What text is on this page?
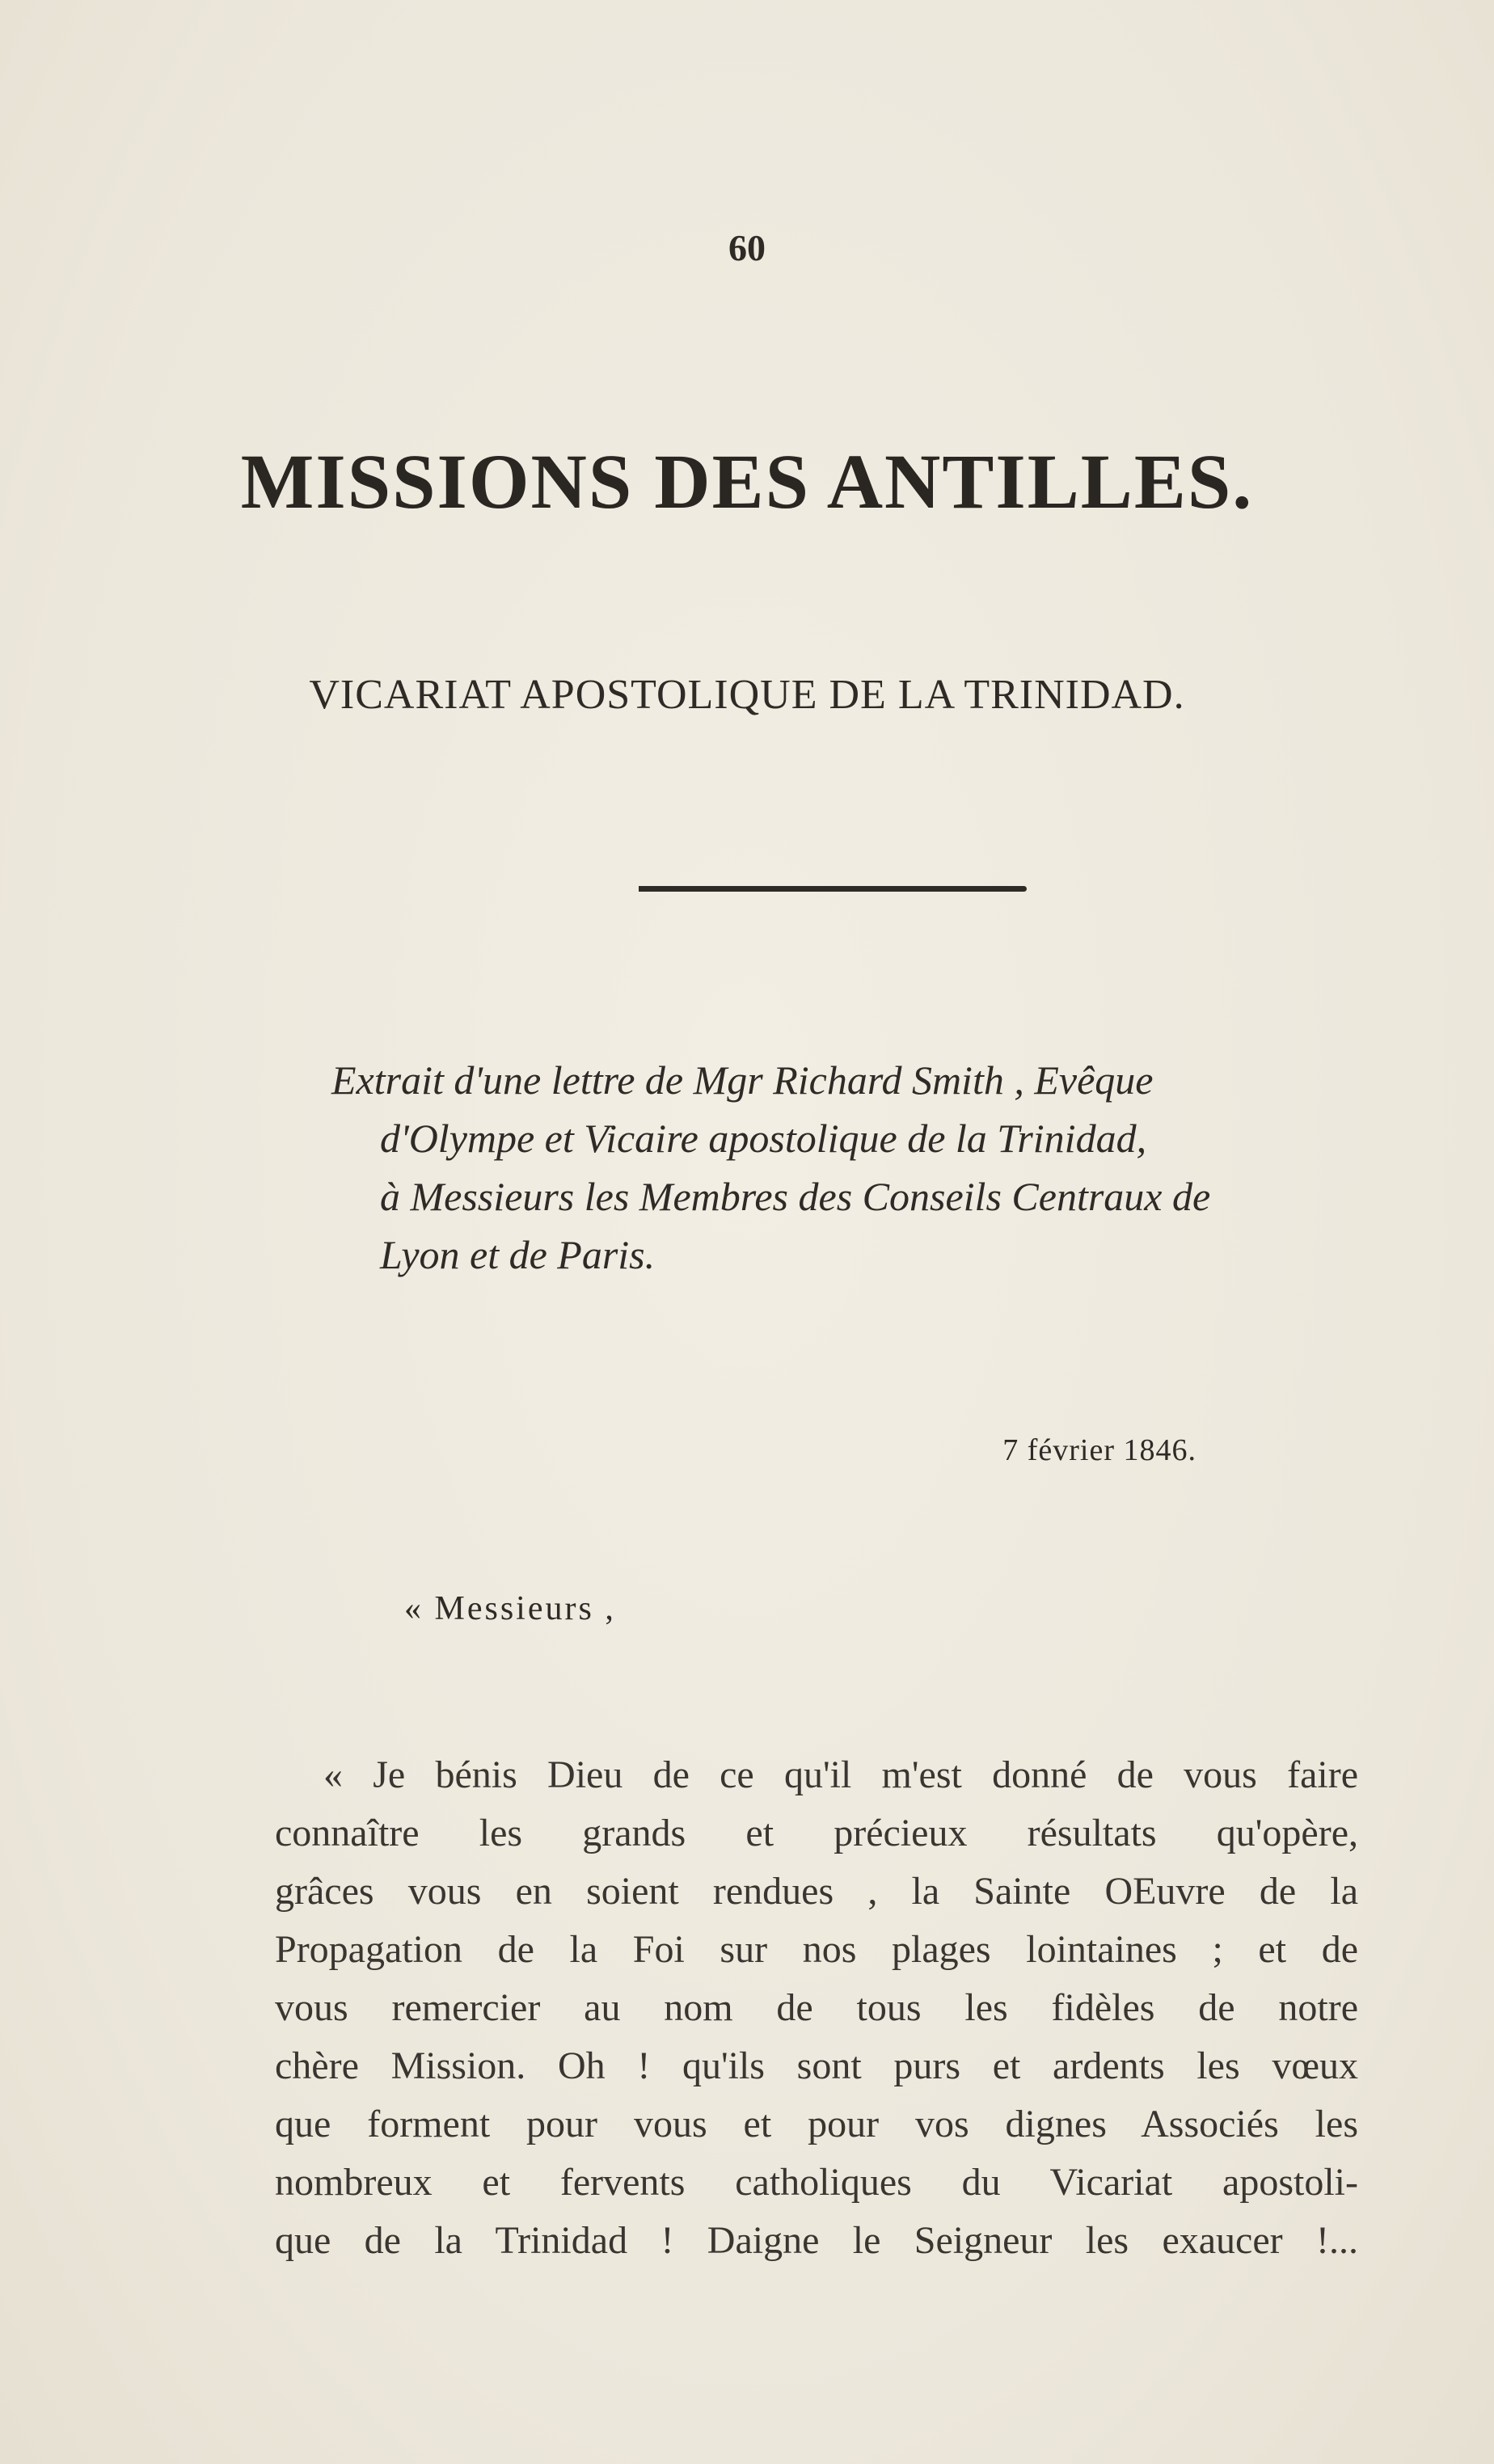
60
MISSIONS DES ANTILLES.
VICARIAT APOSTOLIQUE DE LA TRINIDAD.
Extrait d'une lettre de Mgr Richard Smith , Evêque
d'Olympe et Vicaire apostolique de la Trinidad,
à Messieurs les Membres des Conseils Centraux de
Lyon et de Paris.
7 février 1846.
« Messieurs ,
« Je bénis Dieu de ce qu'il m'est donné de vous faire
connaître les grands et précieux résultats qu'opère,
grâces vous en soient rendues , la Sainte OEuvre de la
Propagation de la Foi sur nos plages lointaines ; et de
vous remercier au nom de tous les fidèles de notre
chère Mission. Oh ! qu'ils sont purs et ardents les vœux
que forment pour vous et pour vos dignes Associés les
nombreux et fervents catholiques du Vicariat apostoli-
que de la Trinidad ! Daigne le Seigneur les exaucer !...
